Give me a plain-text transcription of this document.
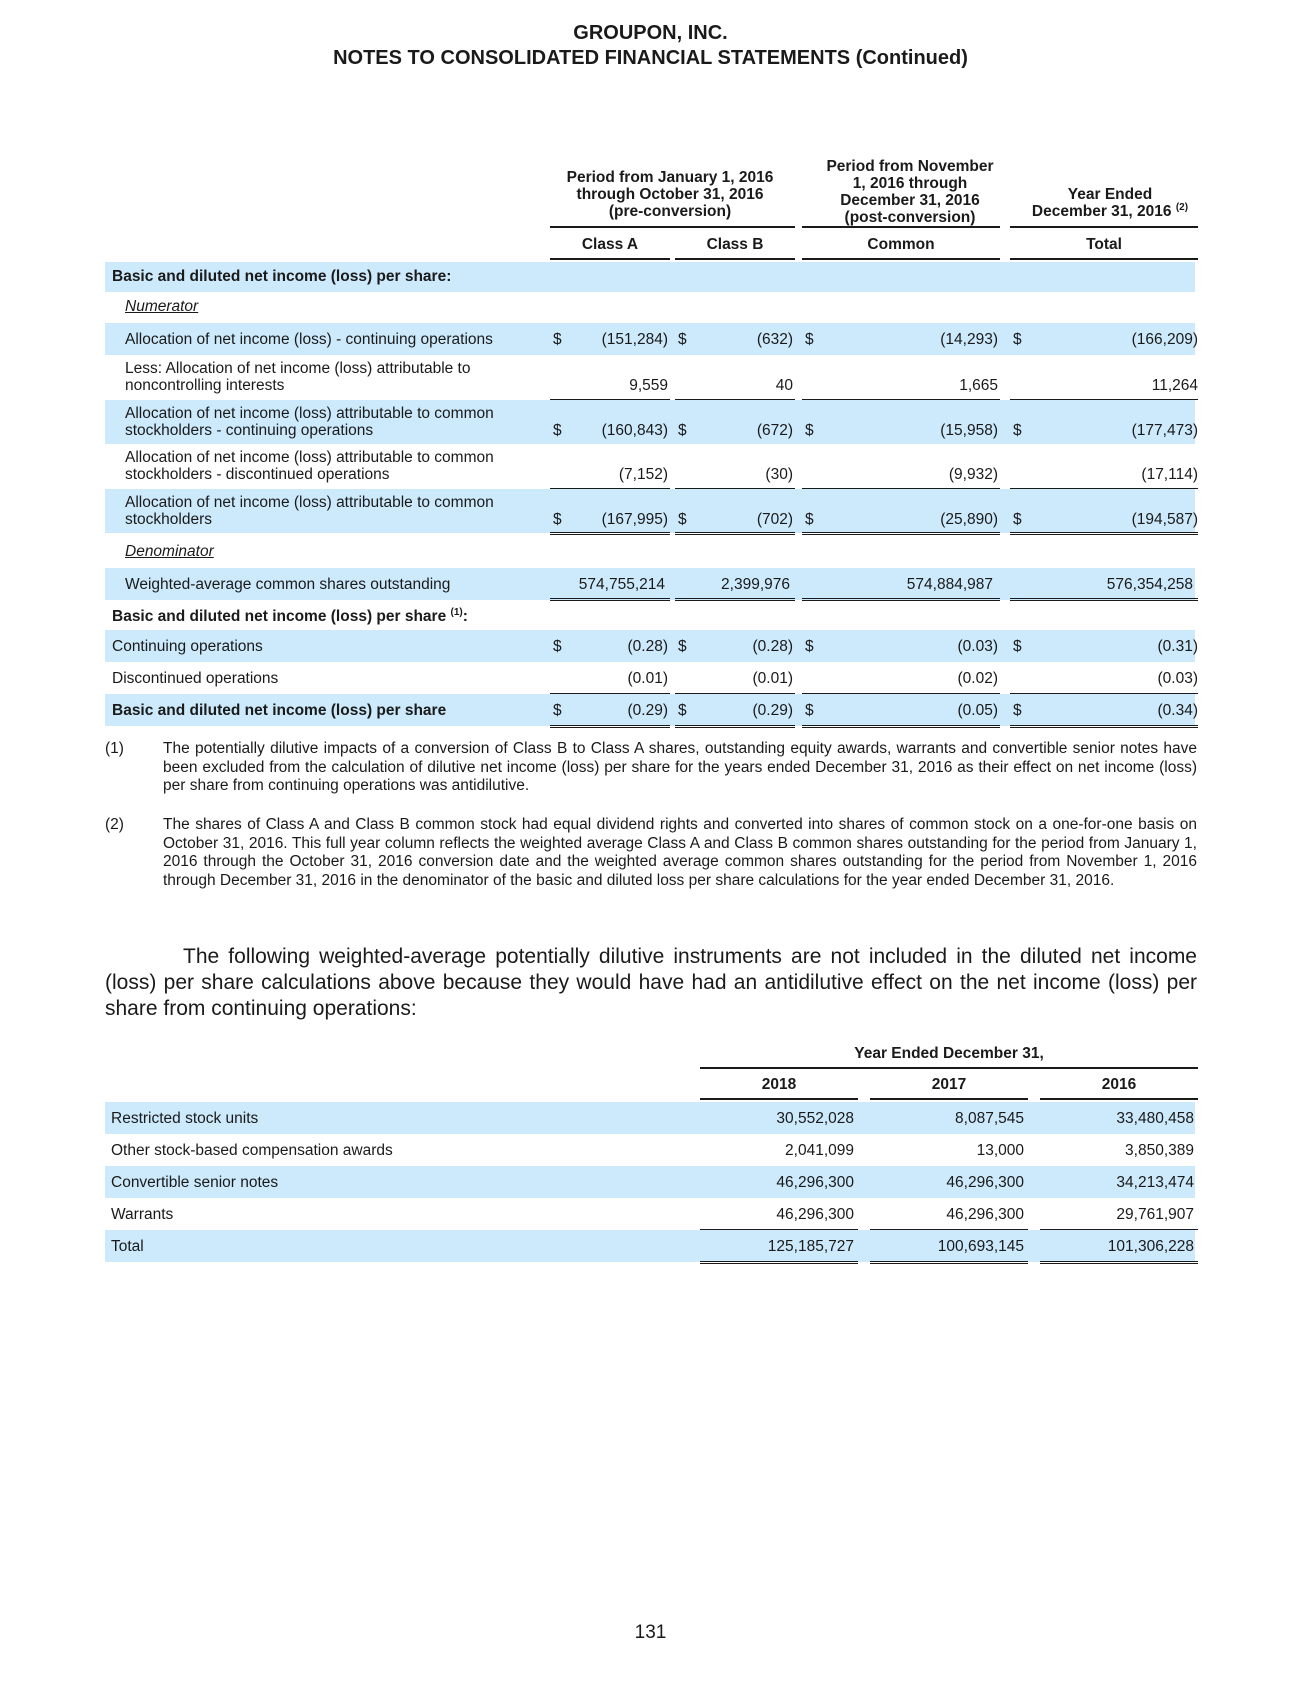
GROUPON, INC.
NOTES TO CONSOLIDATED FINANCIAL STATEMENTS (Continued)
Period from January 1, 2016
through October 31, 2016
(pre-conversion)
Period from November
1, 2016 through
December 31, 2016
(post-conversion)
Year Ended
December 31, 2016 $^{(2)}$
Class A	Class B	Common	Total
Basic and diluted net income (loss) per share:
Numerator
Allocation of net income (loss) - continuing operations	$	(151,284) $	(632) $	(14,293) $	(166,209)
Less: Allocation of net income (loss) attributable to
noncontrolling interests	9,559	40	1,665	11,264
Allocation of net income (loss) attributable to common
stockholders - continuing operations	$	(160,843) $	(672) $	(15,958) $	(177,473)
Allocation of net income (loss) attributable to common
stockholders - discontinued operations	(7,152)	(30)	(9,932)	(17,114)
Allocation of net income (loss) attributable to common
stockholders	$	(167,995) $	(702) $	(25,890) $	(194,587)
Denominator
Weighted-average common shares outstanding	574,755,214	2,399,976	574,884,987	576,354,258
Basic and diluted net income (loss) per share $^{(1)}$:
Continuing operations	$	(0.28) $	(0.28) $	(0.03) $	(0.31)
Discontinued operations	(0.01)	(0.01)	(0.02)	(0.03)
Basic and diluted net income (loss) per share	$	(0.29) $	(0.29) $	(0.05) $	(0.34)
(1)	The potentially dilutive impacts of a conversion of Class B to Class A shares, outstanding equity awards, warrants and convertible senior notes have been excluded from the calculation of dilutive net income (loss) per share for the years ended December 31, 2016 as their effect on net income (loss) per share from continuing operations was antidilutive.
(2)	The shares of Class A and Class B common stock had equal dividend rights and converted into shares of common stock on a one-for-one basis on October 31, 2016. This full year column reflects the weighted average Class A and Class B common shares outstanding for the period from January 1, 2016 through the October 31, 2016 conversion date and the weighted average common shares outstanding for the period from November 1, 2016 through December 31, 2016 in the denominator of the basic and diluted loss per share calculations for the year ended December 31, 2016.
The following weighted-average potentially dilutive instruments are not included in the diluted net income (loss) per share calculations above because they would have had an antidilutive effect on the net income (loss) per share from continuing operations:
Year Ended December 31,
2018	2017	2016
Restricted stock units	30,552,028	8,087,545	33,480,458
Other stock-based compensation awards	2,041,099	13,000	3,850,389
Convertible senior notes	46,296,300	46,296,300	34,213,474
Warrants	46,296,300	46,296,300	29,761,907
Total	125,185,727	100,693,145	101,306,228
131
